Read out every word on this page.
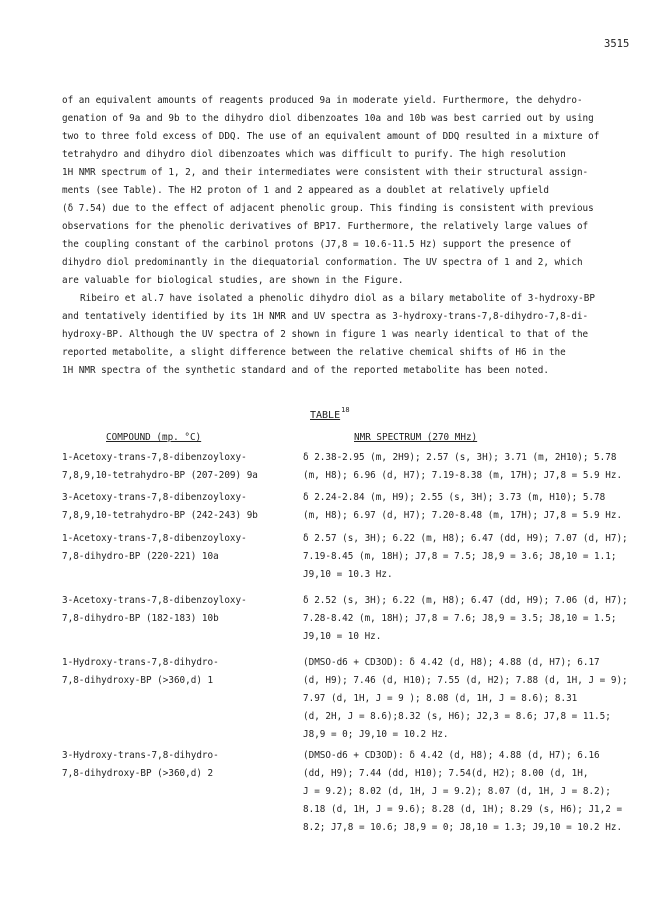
3515
of an equivalent amounts of reagents produced 9a in moderate yield. Furthermore, the dehydro-
genation of 9a and 9b to the dihydro diol dibenzoates 10a and 10b was best carried out by using
two to three fold excess of DDQ. The use of an equivalent amount of DDQ resulted in a mixture of
tetrahydro and dihydro diol dibenzoates which was difficult to purify. The high resolution
1H NMR spectrum of 1, 2, and their intermediates were consistent with their structural assign-
ments (see Table). The H2 proton of 1 and 2 appeared as a doublet at relatively upfield
(δ 7.54) due to the effect of adjacent phenolic group. This finding is consistent with previous
observations for the phenolic derivatives of BP17. Furthermore, the relatively large values of
the coupling constant of the carbinol protons (J7,8 = 10.6-11.5 Hz) support the presence of
dihydro diol predominantly in the diequatorial conformation. The UV spectra of 1 and 2, which
are valuable for biological studies, are shown in the Figure.
Ribeiro et al.7 have isolated a phenolic dihydro diol as a bilary metabolite of 3-hydroxy-BP
and tentatively identified by its 1H NMR and UV spectra as 3-hydroxy-trans-7,8-dihydro-7,8-di-
hydroxy-BP. Although the UV spectra of 2 shown in figure 1 was nearly identical to that of the
reported metabolite, a slight difference between the relative chemical shifts of H6 in the
1H NMR spectra of the synthetic standard and of the reported metabolite has been noted.
TABLE$^{18}$
COMPOUND (mp. °C)	NMR SPECTRUM (270 MHz)
1-Acetoxy-trans-7,8-dibenzoyloxy-
7,8,9,10-tetrahydro-BP (207-209) 9a
δ 2.38-2.95 (m, 2H9); 2.57 (s, 3H); 3.71 (m, 2H10); 5.78
(m, H8); 6.96 (d, H7); 7.19-8.38 (m, 17H); J7,8 = 5.9 Hz.
3-Acetoxy-trans-7,8-dibenzoyloxy-
7,8,9,10-tetrahydro-BP (242-243) 9b
δ 2.24-2.84 (m, H9); 2.55 (s, 3H); 3.73 (m, H10); 5.78
(m, H8); 6.97 (d, H7); 7.20-8.48 (m, 17H); J7,8 = 5.9 Hz.
1-Acetoxy-trans-7,8-dibenzoyloxy-
7,8-dihydro-BP (220-221) 10a
δ 2.57 (s, 3H); 6.22 (m, H8); 6.47 (dd, H9); 7.07 (d, H7);
7.19-8.45 (m, 18H); J7,8 = 7.5; J8,9 = 3.6; J8,10 = 1.1;
J9,10 = 10.3 Hz.
3-Acetoxy-trans-7,8-dibenzoyloxy-
7,8-dihydro-BP (182-183) 10b
δ 2.52 (s, 3H); 6.22 (m, H8); 6.47 (dd, H9); 7.06 (d, H7);
7.28-8.42 (m, 18H); J7,8 = 7.6; J8,9 = 3.5; J8,10 = 1.5;
J9,10 = 10 Hz.
1-Hydroxy-trans-7,8-dihydro-
7,8-dihydroxy-BP (>360,d) 1
(DMSO-d6 + CD3OD): δ 4.42 (d, H8); 4.88 (d, H7); 6.17
(d, H9); 7.46 (d, H10); 7.55 (d, H2); 7.88 (d, 1H, J = 9);
7.97 (d, 1H, J = 9 ); 8.08 (d, 1H, J = 8.6); 8.31
(d, 2H, J = 8.6);8.32 (s, H6); J2,3 = 8.6; J7,8 = 11.5;
J8,9 = 0; J9,10 = 10.2 Hz.
3-Hydroxy-trans-7,8-dihydro-
7,8-dihydroxy-BP (>360,d) 2
(DMSO-d6 + CD3OD): δ 4.42 (d, H8); 4.88 (d, H7); 6.16
(dd, H9); 7.44 (dd, H10); 7.54(d, H2); 8.00 (d, 1H,
J = 9.2); 8.02 (d, 1H, J = 9.2); 8.07 (d, 1H, J = 8.2);
8.18 (d, 1H, J = 9.6); 8.28 (d, 1H); 8.29 (s, H6); J1,2 =
8.2; J7,8 = 10.6; J8,9 = 0; J8,10 = 1.3; J9,10 = 10.2 Hz.
